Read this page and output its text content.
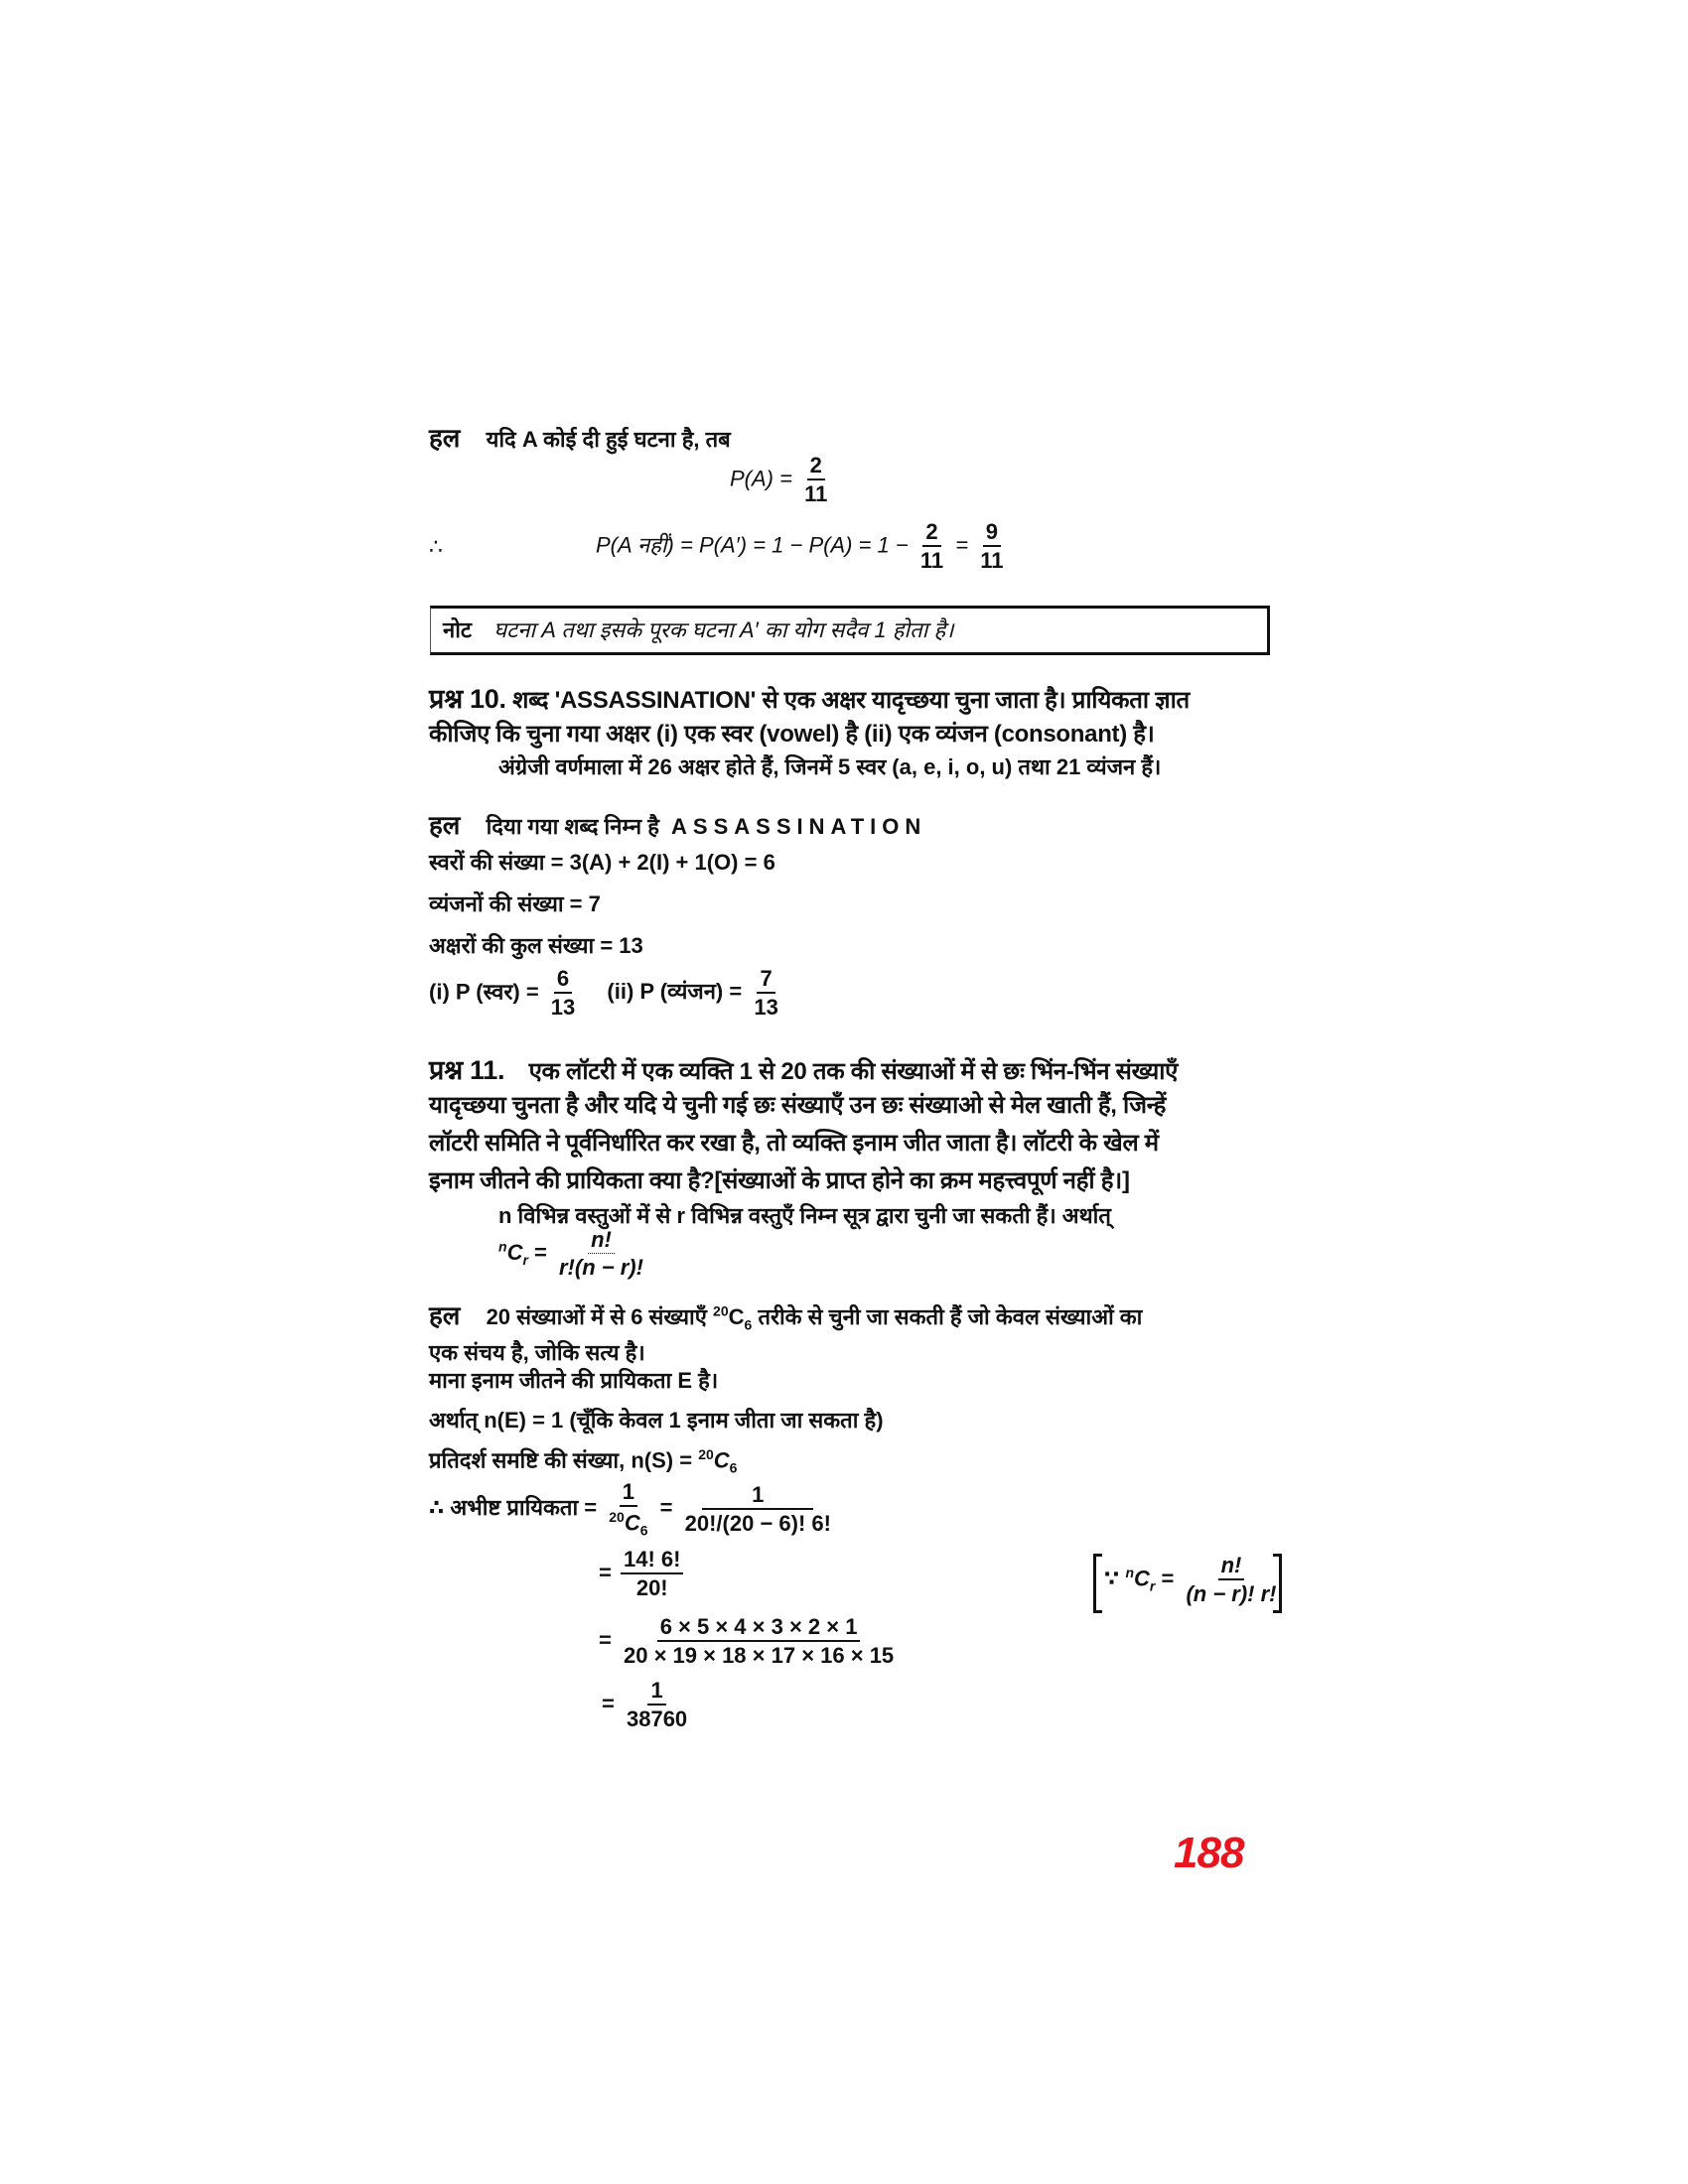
हल यदि A कोई दी हुई घटना है, तब
$P(A) = \frac{2}{11}$
∴	P(A नहीं) = $P(A') = 1 - P(A) = 1 - \frac{2}{11} = \frac{9}{11}$
नोट घटना A तथा इसके पूरक घटना A′ का योग सदैव 1 होता है।
प्रश्न 10. शब्द 'ASSASSINATION' से एक अक्षर यादृच्छया चुना जाता है। प्रायिकता ज्ञात
कीजिए कि चुना गया अक्षर (i) एक स्वर (vowel) है (ii) एक व्यंजन (consonant) है।
अंग्रेजी वर्णमाला में 26 अक्षर होते हैं, जिनमें 5 स्वर (a, e, i, o, u) तथा 21 व्यंजन हैं।
हल दिया गया शब्द निम्न है ASSASSINATION
स्वरों की संख्या = 3(A) + 2(I) + 1(O) = 6
व्यंजनों की संख्या = 7
अक्षरों की कुल संख्या = 13
(i) P (स्वर) = $\frac{6}{13} (ii)$ P (व्यंजन) = $\frac{7}{13}$
प्रश्न 11. एक लॉटरी में एक व्यक्ति 1 से 20 तक की संख्याओं में से छः भिंन-भिंन संख्याएँ
यादृच्छया चुनता है और यदि ये चुनी गई छः संख्याएँ उन छः संख्याओ से मेल खाती हैं, जिन्हें
लॉटरी समिति ने पूर्वनिर्धारित कर रखा है, तो व्यक्ति इनाम जीत जाता है। लॉटरी के खेल में
इनाम जीतने की प्रायिकता क्या है?[संख्याओं के प्राप्त होने का क्रम महत्त्वपूर्ण नहीं है।]
n विभिन्न वस्तुओं में से r विभिन्न वस्तुएँ निम्न सूत्र द्वारा चुनी जा सकती हैं। अर्थात्
$^nC_r = \frac{n!}{r!(n - r)!}$
हल 20 संख्याओं में से 6 संख्याएँ $^{20}C_6$ तरीके से चुनी जा सकती हैं जो केवल संख्याओं का
एक संचय है, जोकि सत्य है।
माना इनाम जीतने की प्रायिकता E है।
अर्थात् n(E) = 1 (चूँकि केवल 1 इनाम जीता जा सकता है)
प्रतिदर्श समष्टि की संख्या, $n(S) = ^{20}C_6$
∴ अभीष्ट प्रायिकता = $\frac{1}{^{20}C_6} = \frac{1}{20!/(20 - 6)! 6!}$
= $\frac{14! 6!}{20!}$
= $\frac{6 \times 5 \times 4 \times 3 \times 2 \times 1}{20 \times 19 \times 18 \times 17 \times 16 \times 15}$
= $\frac{1}{38760}$
∵ $^nC_r = \frac{n!}{(n - r)! r!}$
188
